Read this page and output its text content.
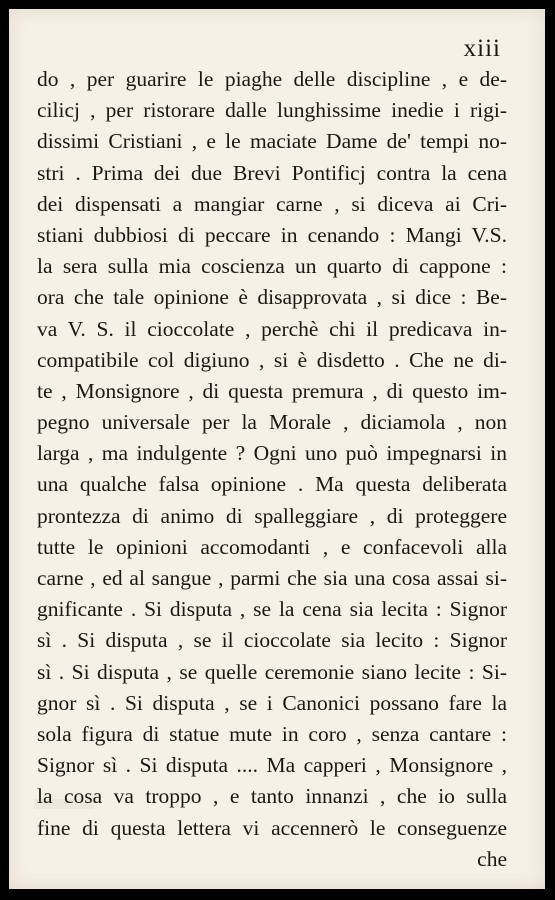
xiii
do , per guarire le piaghe delle discipline , e de-
cilicj , per ristorare dalle lunghissime inedie i rigi-
dissimi Cristiani , e le maciate Dame de' tempi no-
stri . Prima dei due Brevi Pontificj contra la cena
dei dispensati a mangiar carne , si diceva ai Cri-
stiani dubbiosi di peccare in cenando : Mangi V.S.
la sera sulla mia coscienza un quarto di cappone :
ora che tale opinione è disapprovata , si dice : Be-
va V. S. il cioccolate , perchè chi il predicava in-
compatibile col digiuno , si è disdetto . Che ne di-
te , Monsignore , di questa premura , di questo im-
pegno universale per la Morale , diciamola , non
larga , ma indulgente ? Ogni uno può impegnarsi in
una qualche falsa opinione . Ma questa deliberata
prontezza di animo di spalleggiare , di proteggere
tutte le opinioni accomodanti , e confacevoli alla
carne , ed al sangue , parmi che sia una cosa assai si-
gnificante . Si disputa , se la cena sia lecita : Signor
sì . Si disputa , se il cioccolate sia lecito : Signor
sì . Si disputa , se quelle ceremonie siano lecite : Si-
gnor sì . Si disputa , se i Canonici possano fare la
sola figura di statue mute in coro , senza cantare :
Signor sì . Si disputa .... Ma capperi , Monsignore ,
la cosa va troppo , e tanto innanzi , che io sulla
fine di questa lettera vi accennerò le conseguenze
che
